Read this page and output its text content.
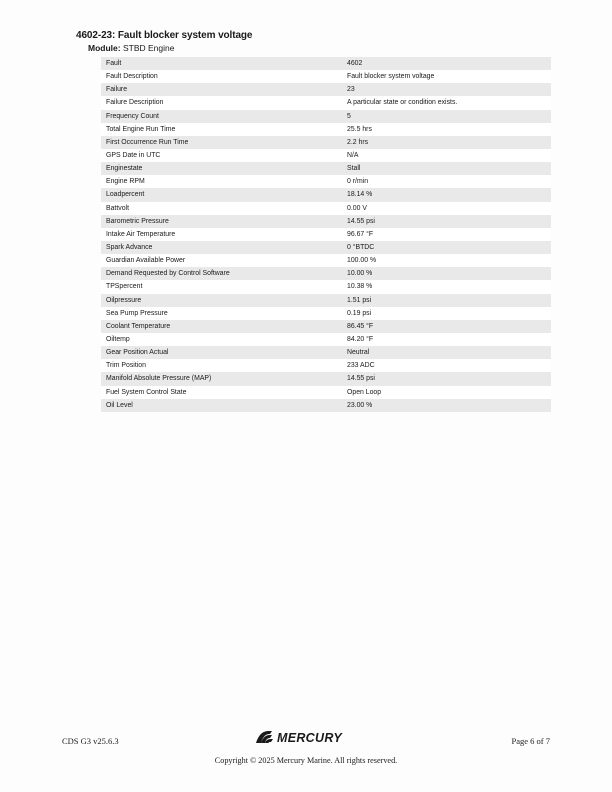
4602-23: Fault blocker system voltage
Module: STBD Engine
Fault	4602
Fault Description	Fault blocker system voltage
Failure	23
Failure Description	A particular state or condition exists.
Frequency Count	5
Total Engine Run Time	25.5 hrs
First Occurrence Run Time	2.2 hrs
GPS Date in UTC	N/A
Enginestate	Stall
Engine RPM	0 r/min
Loadpercent	18.14 %
Battvolt	0.00 V
Barometric Pressure	14.55 psi
Intake Air Temperature	96.67 °F
Spark Advance	0 °BTDC
Guardian Available Power	100.00 %
Demand Requested by Control Software	10.00 %
TPSpercent	10.38 %
Oilpressure	1.51 psi
Sea Pump Pressure	0.19 psi
Coolant Temperature	86.45 °F
Oiltemp	84.20 °F
Gear Position Actual	Neutral
Trim Position	233 ADC
Manifold Absolute Pressure (MAP)	14.55 psi
Fuel System Control State	Open Loop
Oil Level	23.00 %
CDS G3 v25.6.3	MERCURY	Page 6 of 7
Copyright © 2025 Mercury Marine. All rights reserved.
